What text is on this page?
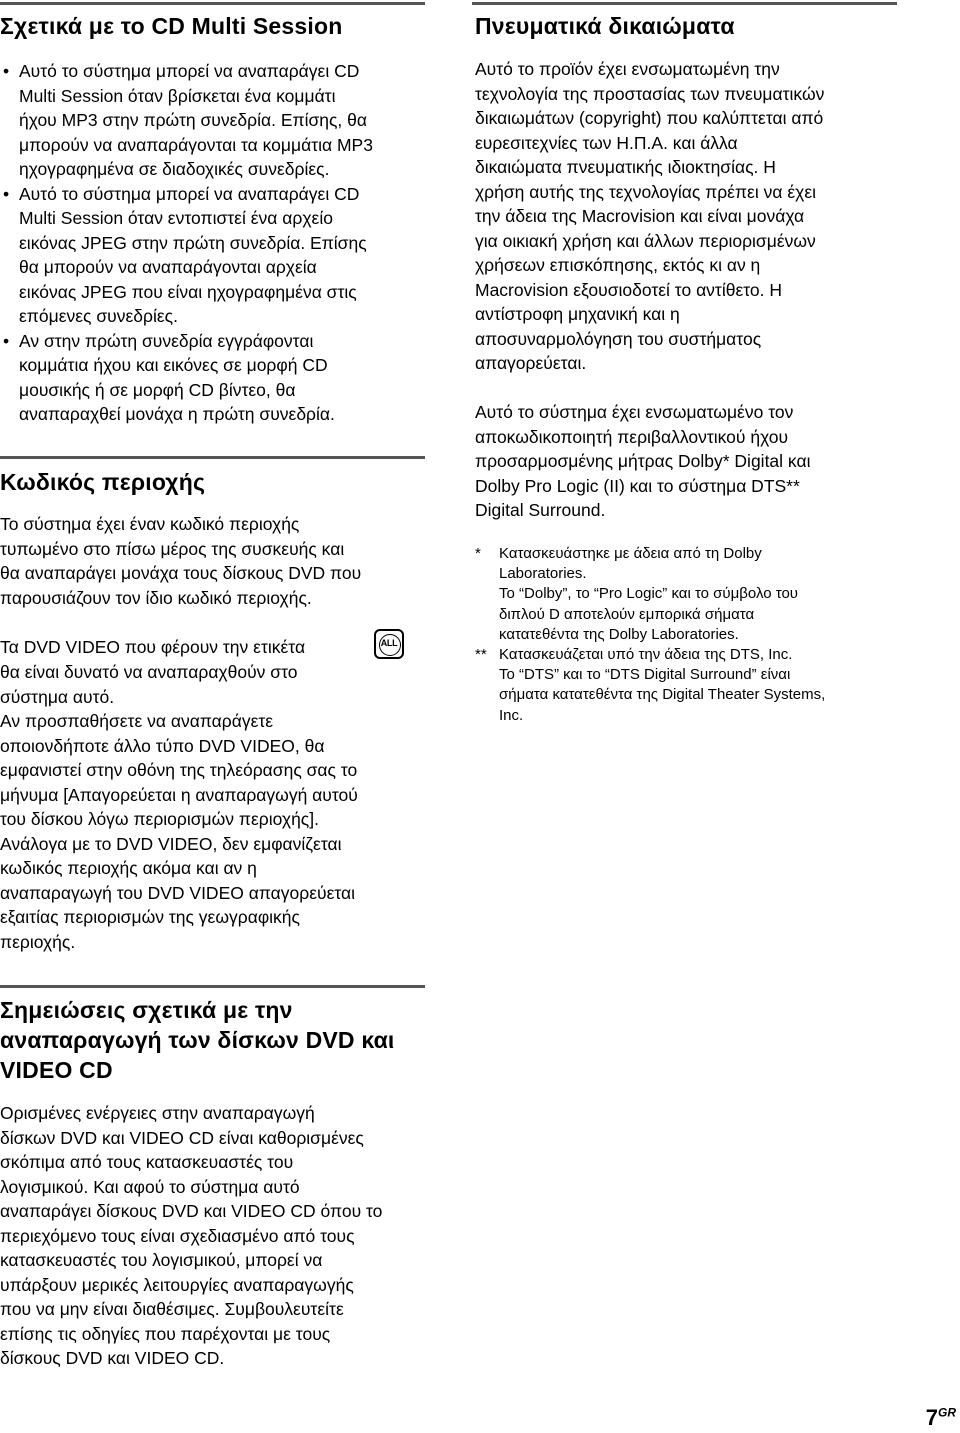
Σχετικά με το CD Multi Session
• Αυτό το σύστημα μπορεί να αναπαράγει CD
Multi Session όταν βρίσκεται ένα κομμάτι
ήχου MP3 στην πρώτη συνεδρία. Επίσης, θα
μπορούν να αναπαράγονται τα κομμάτια MP3
ηχογραφημένα σε διαδοχικές συνεδρίες.
• Αυτό το σύστημα μπορεί να αναπαράγει CD
Multi Session όταν εντοπιστεί ένα αρχείο
εικόνας JPEG στην πρώτη συνεδρία. Επίσης
θα μπορούν να αναπαράγονται αρχεία
εικόνας JPEG που είναι ηχογραφημένα στις
επόμενες συνεδρίες.
• Αν στην πρώτη συνεδρία εγγράφονται
κομμάτια ήχου και εικόνες σε μορφή CD
μουσικής ή σε μορφή CD βίντεο, θα
αναπαραχθεί μονάχα η πρώτη συνεδρία.
Κωδικός περιοχής

Το σύστημα έχει έναν κωδικό περιοχής
τυπωμένο στο πίσω μέρος της συσκευής και
θα αναπαράγει μονάχα τους δίσκους DVD που
παρουσιάζουν τον ίδιο κωδικό περιοχής.

Τα DVD VIDEO που φέρουν την ετικέτα	ALL

θα είναι δυνατό να αναπαραχθούν στο
σύστημα αυτό.
Αν προσπαθήσετε να αναπαράγετε
οποιονδήποτε άλλο τύπο DVD VIDEO, θα
εμφανιστεί στην οθόνη της τηλεόρασης σας το
μήνυμα [Απαγορεύεται η αναπαραγωγή αυτού
του δίσκου λόγω περιορισμών περιοχής].
Ανάλογα με το DVD VIDEO, δεν εμφανίζεται
κωδικός περιοχής ακόμα και αν η
αναπαραγωγή του DVD VIDEO απαγορεύεται
εξαιτίας περιορισμών της γεωγραφικής
περιοχής.

Σημειώσεις σχετικά με την
αναπαραγωγή των δίσκων DVD και
VIDEO CD

Ορισμένες ενέργειες στην αναπαραγωγή
δίσκων DVD και VIDEO CD είναι καθορισμένες
σκόπιμα από τους κατασκευαστές του
λογισμικού. Και αφού το σύστημα αυτό
αναπαράγει δίσκους DVD και VIDEO CD όπου το
περιεχόμενο τους είναι σχεδιασμένο από τους
κατασκευαστές του λογισμικού, μπορεί να
υπάρξουν μερικές λειτουργίες αναπαραγωγής
που να μην είναι διαθέσιμες. Συμβουλευτείτε
επίσης τις οδηγίες που παρέχονται με τους
δίσκους DVD και VIDEO CD.

Πνευματικά δικαιώματα

Αυτό το προϊόν έχει ενσωματωμένη την
τεχνολογία της προστασίας των πνευματικών
δικαιωμάτων (copyright) που καλύπτεται από
ευρεσιτεχνίες των Η.Π.Α. και άλλα
δικαιώματα πνευματικής ιδιοκτησίας. Η
χρήση αυτής της τεχνολογίας πρέπει να έχει
την άδεια της Macrovision και είναι μονάχα
για οικιακή χρήση και άλλων περιορισμένων
χρήσεων επισκόπησης, εκτός κι αν η
Macrovision εξουσιοδοτεί το αντίθετο. Η
αντίστροφη μηχανική και η
αποσυναρμολόγηση του συστήματος
απαγορεύεται.

Αυτό το σύστημα έχει ενσωματωμένο τον
αποκωδικοποιητή περιβαλλοντικού ήχου
προσαρμοσμένης μήτρας Dolby* Digital και
Dolby Pro Logic (II) και το σύστημα DTS**
Digital Surround.

* Κατασκευάστηκε με άδεια από τη Dolby
Laboratories.
Το “Dolby”, το “Pro Logic” και το σύμβολο του
διπλού D αποτελούν εμπορικά σήματα
κατατεθέντα της Dolby Laboratories.

** Κατασκευάζεται υπό την άδεια της DTS, Inc.
Το “DTS” και το “DTS Digital Surround” είναι
σήματα κατατεθέντα της Digital Theater Systems,
Inc.

$7^{GR}$
